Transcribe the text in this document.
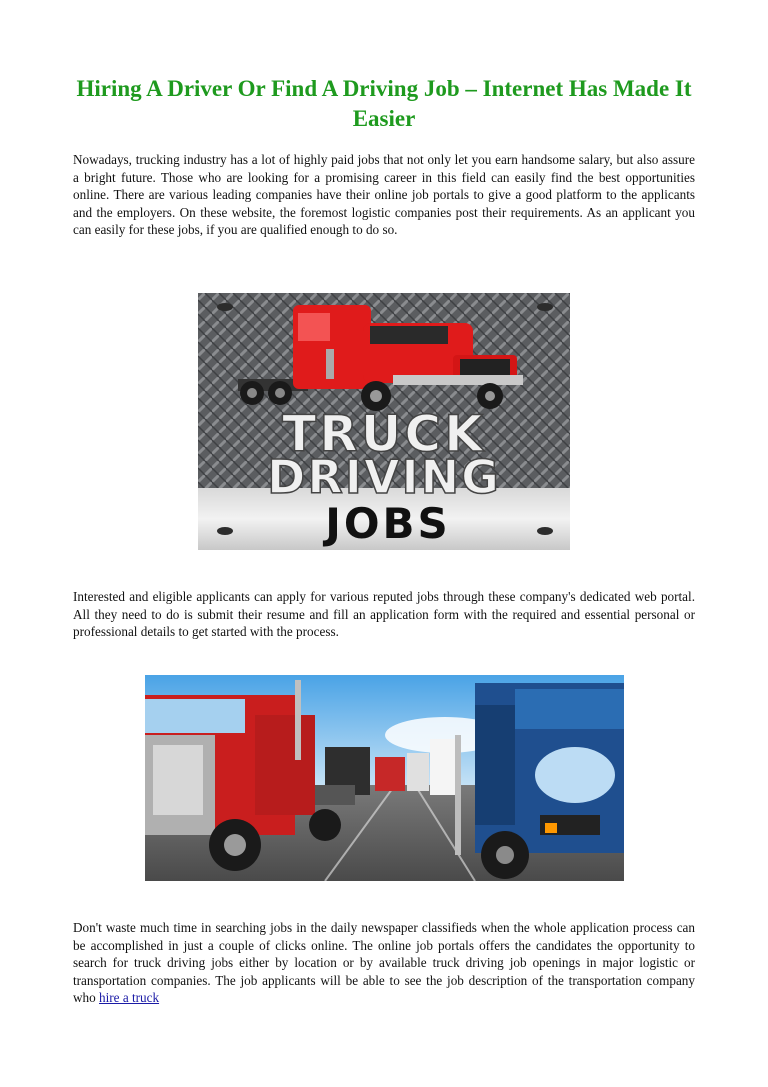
Hiring A Driver Or Find A Driving Job – Internet Has Made It Easier

Nowadays, trucking industry has a lot of highly paid jobs that not only let you earn handsome salary, but also assure a bright future. Those who are looking for a promising career in this field can easily find the best opportunities online. There are various leading companies have their online job portals to give a good platform to the applicants and the employers. On these website, the foremost logistic companies post their requirements. As an applicant you can easily for these jobs, if you are qualified enough to do so.

TRUCK
DRIVING
JOBS

Interested and eligible applicants can apply for various reputed jobs through these company's dedicated web portal. All they need to do is submit their resume and fill an application form with the required and essential personal or professional details to get started with the process.

Don't waste much time in searching jobs in the daily newspaper classifieds when the whole application process can be accomplished in just a couple of clicks online. The online job portals offers the candidates the opportunity to search for truck driving jobs either by location or by available truck driving job openings in major logistic or transportation companies. The job applicants will be able to see the job description of the transportation company who hire a truck
